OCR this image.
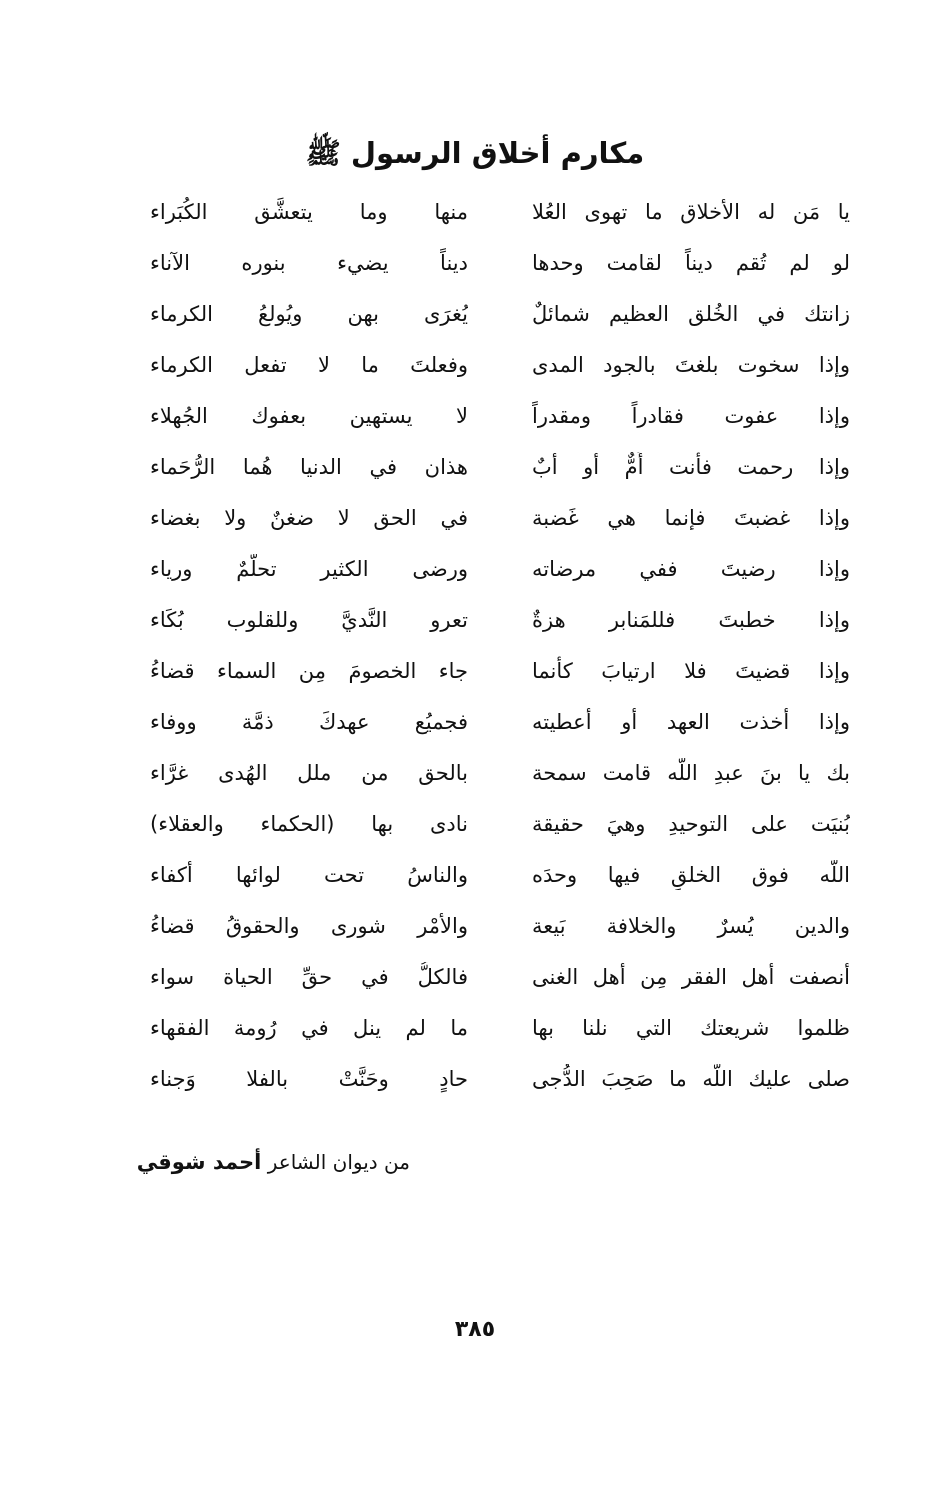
مكارم أخلاق الرسول ﷺ
يا مَن له الأخلاق ما تهوى العُلا
منها وما يتعشَّق الكُبَراء
لو لم تُقم ديناً لقامت وحدها
ديناً يضيء بنوره الآناء
زانتك في الخُلق العظيم شمائلٌ
يُغرَى بهن ويُولعُ الكرماء
وإذا سخوت بلغتَ بالجود المدى
وفعلتَ ما لا تفعل الكرماء
وإذا عفوت فقادراً ومقدراً
لا يستهين بعفوك الجُهلاء
وإذا رحمت فأنت أُمٌّ أو أبٌ
هذان في الدنيا هُما الرُّحَماء
وإذا غضبتَ فإنما هي غَضبة
في الحق لا ضغنٌ ولا بغضاء
وإذا رضيتَ ففي مرضاته
ورضى الكثير تحلُّمٌ ورياء
وإذا خطبتَ فللمَنابر هزةٌ
تعرو النَّديَّ وللقلوب بُكَاء
وإذا قضيتَ فلا ارتيابَ كأنما
جاء الخصومَ مِن السماء قضاءُ
وإذا أخذت العهد أو أعطيته
فجميُع عهدكَ ذمَّة ووفاء
بك يا بنَ عبدِ اللّه قامت سمحة
بالحق من ملل الهُدى غرَّاء
بُنيَت على التوحيدِ وهيَ حقيقة
نادى بها (الحكماء والعقلاء)
اللّه فوق الخلقِ فيها وحدَه
والناسُ تحت لوائها أكفاء
والدين يُسرٌ والخلافة بَيعة
والأمْر شورى والحقوقُ قضاءُ
أنصفت أهل الفقر مِن أهل الغنى
فالكلُّ في حقِّ الحياة سواء
ظلموا شريعتك التي نلنا بها
ما لم ينل في رُومة الفقهاء
صلى عليك اللّه ما صَحِبَ الدُّجى
حادٍ وحَنَّتْ بالفلا وَجناء
من ديوان الشاعر أحمد شوقي
٣٨٥
